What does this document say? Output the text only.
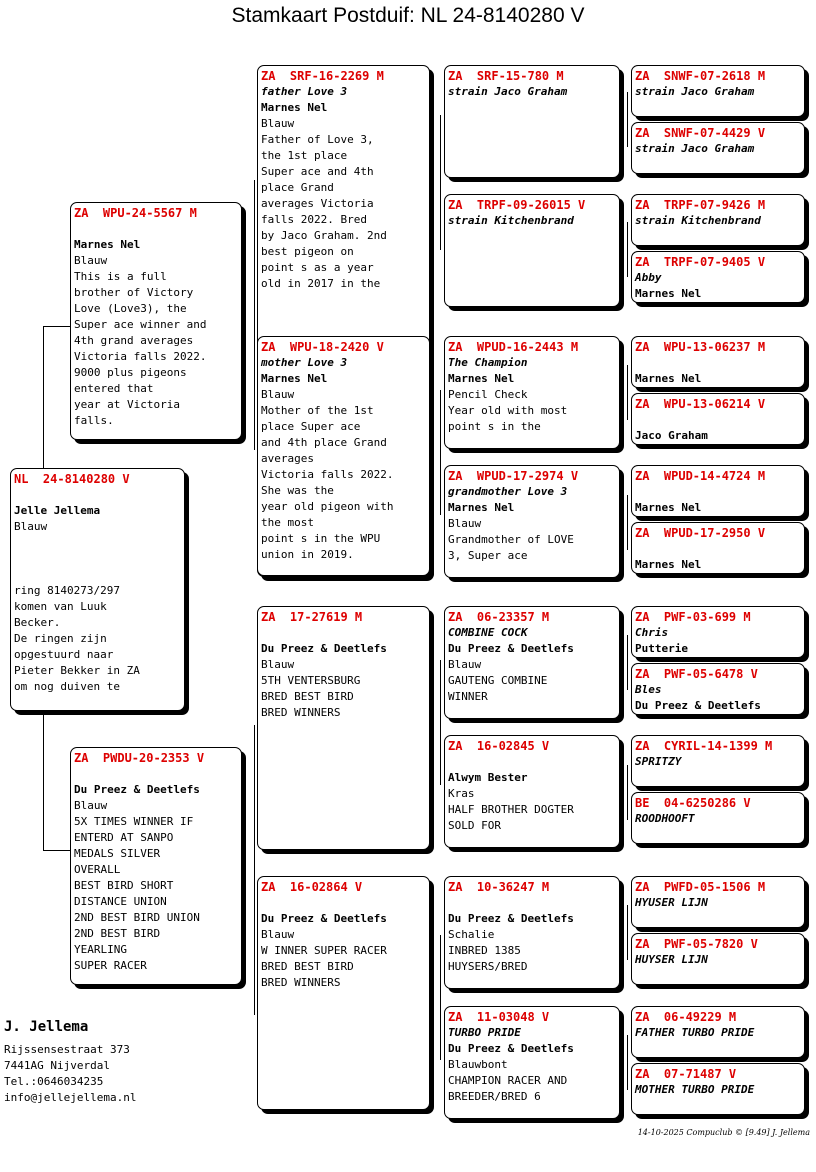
Stamkaart Postduif: NL 24-8140280 V
NL  24-8140280 V

Jelle Jellema
Blauw

ring 8140273/297
komen van Luuk
Becker.
De ringen zijn
opgestuurd naar
Pieter Bekker in ZA
om nog duiven te
ZA  WPU-24-5567 M

Marnes Nel
Blauw
This is a full
brother of Victory
Love (Love3), the
Super ace winner and
4th grand averages
Victoria falls 2022.
9000 plus pigeons
entered that
year at Victoria
falls.
ZA  PWDU-20-2353 V

Du Preez & Deetlefs
Blauw
5X TIMES WINNER IF
ENTERD AT SANPO
MEDALS SILVER
OVERALL
BEST BIRD SHORT
DISTANCE UNION
2ND BEST BIRD UNION
2ND BEST BIRD
YEARLING
SUPER RACER
ZA  SRF-16-2269 M
father Love 3
Marnes Nel
Blauw
Father of Love 3,
the 1st place
Super ace and 4th
place Grand
averages Victoria
falls 2022. Bred
by Jaco Graham. 2nd
best pigeon on
point s as a year
old in 2017 in the
ZA  WPU-18-2420 V
mother Love 3
Marnes Nel
Blauw
Mother of the 1st
place Super ace
and 4th place Grand
averages
Victoria falls 2022.
She was the
year old pigeon with
the most
point s in the WPU
union in 2019.
ZA  17-27619 M

Du Preez & Deetlefs
Blauw
5TH VENTERSBURG
BRED BEST BIRD
BRED WINNERS
ZA  16-02864 V

Du Preez & Deetlefs
Blauw
W INNER SUPER RACER
BRED BEST BIRD
BRED WINNERS
ZA  SRF-15-780 M
strain Jaco Graham
ZA  TRPF-09-26015 V
strain Kitchenbrand
ZA  WPUD-16-2443 M
The Champion
Marnes Nel
Pencil Check
Year old with most
point s in the
ZA  WPUD-17-2974 V
grandmother Love 3
Marnes Nel
Blauw
Grandmother of LOVE
3, Super ace
ZA  06-23357 M
COMBINE COCK
Du Preez & Deetlefs
Blauw
GAUTENG COMBINE
WINNER
ZA  16-02845 V

Alwym Bester
Kras
HALF BROTHER DOGTER
SOLD FOR
ZA  10-36247 M

Du Preez & Deetlefs
Schalie
INBRED 1385
HUYSERS/BRED
ZA  11-03048 V
TURBO PRIDE
Du Preez & Deetlefs
Blauwbont
CHAMPION RACER AND
BREEDER/BRED 6
ZA  SNWF-07-2618 M
strain Jaco Graham
ZA  SNWF-07-4429 V
strain Jaco Graham
ZA  TRPF-07-9426 M
strain Kitchenbrand
ZA  TRPF-07-9405 V
Abby
Marnes Nel
ZA  WPU-13-06237 M

Marnes Nel
ZA  WPU-13-06214 V

Jaco Graham
ZA  WPUD-14-4724 M

Marnes Nel
ZA  WPUD-17-2950 V

Marnes Nel
ZA  PWF-03-699 M
Chris
Putterie
ZA  PWF-05-6478 V
Bles
Du Preez & Deetlefs
ZA  CYRIL-14-1399 M
SPRITZY
BE  04-6250286 V
ROODHOOFT
ZA  PWFD-05-1506 M
HYUSER LIJN
ZA  PWF-05-7820 V
HUYSER LIJN
ZA  06-49229 M
FATHER TURBO PRIDE
ZA  07-71487 V
MOTHER TURBO PRIDE
J. Jellema
Rijssensestraat 373
7441AG Nijverdal
Tel.:0646034235
info@jellejellema.nl
14-10-2025 Compuclub © [9.49] J. Jellema
